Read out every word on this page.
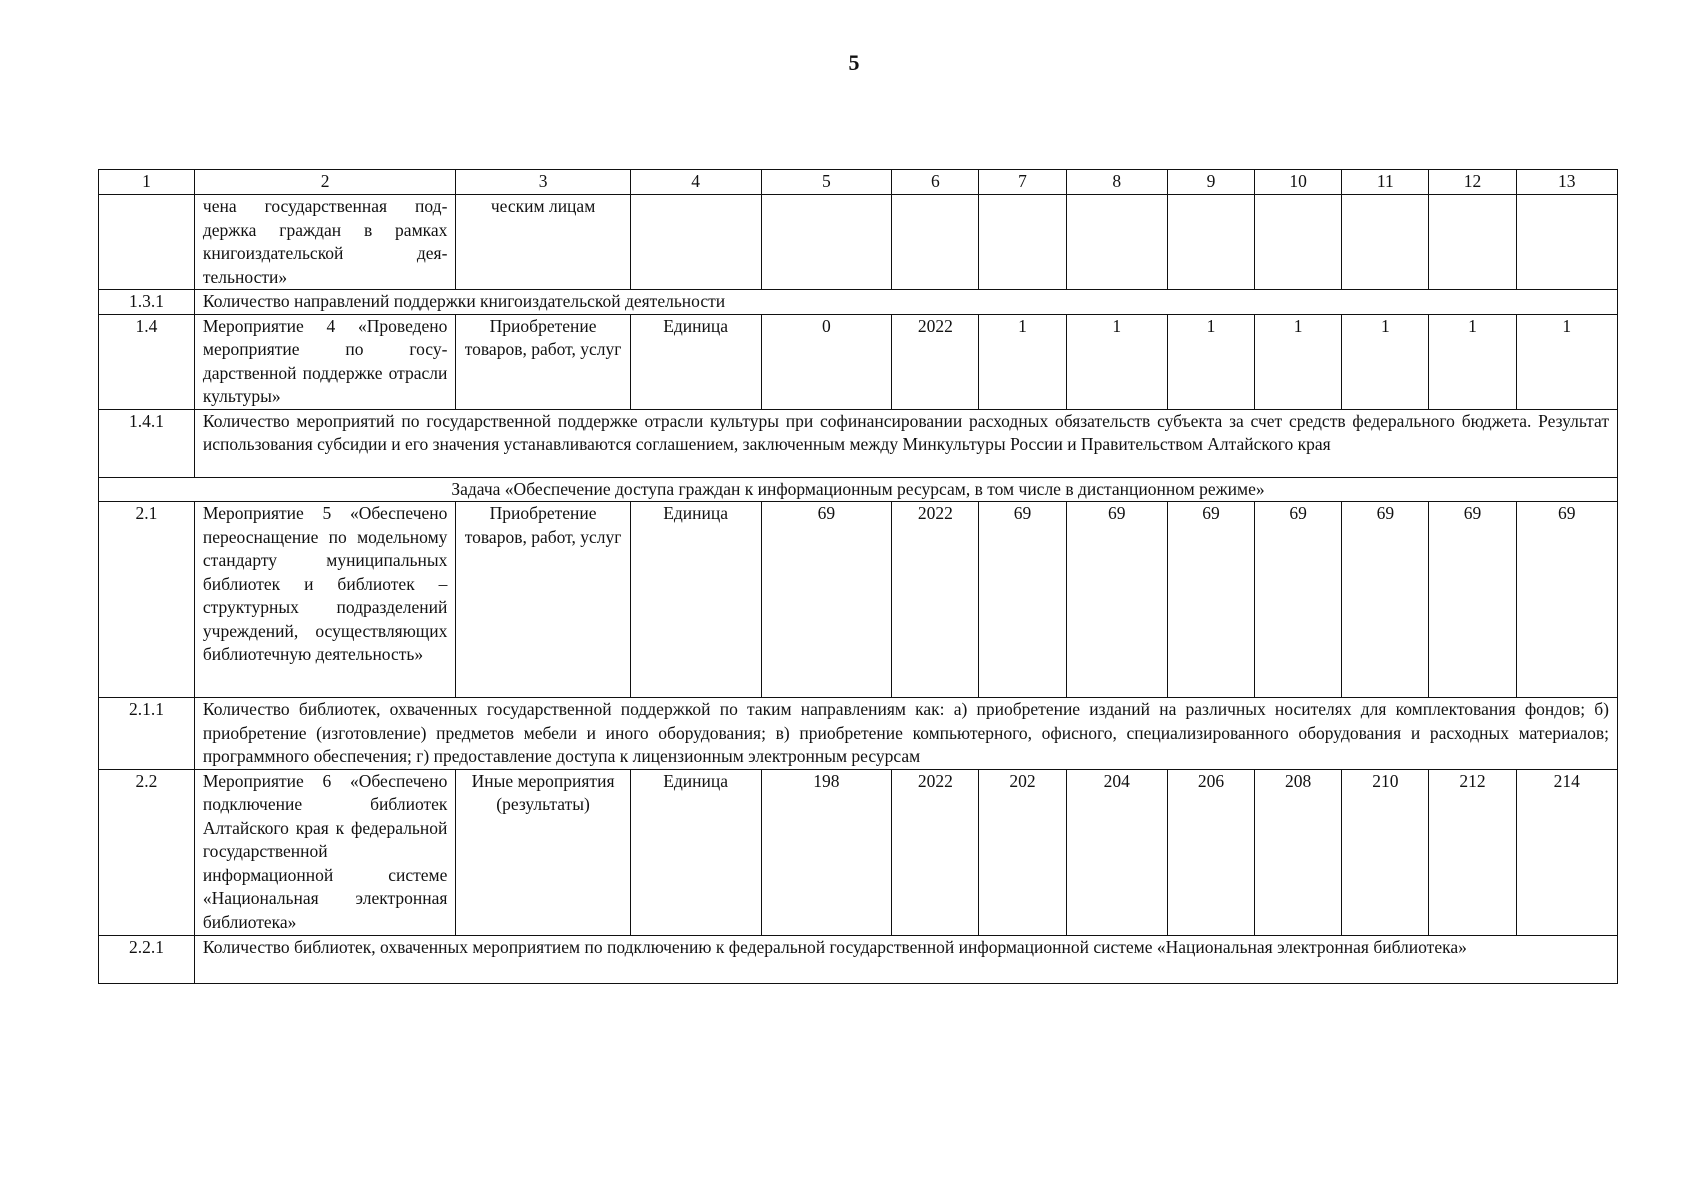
5
1	2	3	4	5	6	7	8	9	10	11	12	13
	чена государственная поддержка граждан в рамках книгоиздательской деятельности»	ческим лицам										
1.3.1	Количество направлений поддержки книгоиздательской деятельности											
1.4	Мероприятие 4 «Проведено мероприятие по государственной поддержке отрасли культуры»	Приобретение товаров, работ, услуг	Единица	0	2022	1	1	1	1	1	1	1
1.4.1	Количество мероприятий по государственной поддержке отрасли культуры при софинансировании расходных обязательств субъекта за счет средств федерального бюджета. Результат использования субсидии и его значения устанавливаются соглашением, заключенным между Минкультуры России и Правительством Алтайского края											
Задача «Обеспечение доступа граждан к информационным ресурсам, в том числе в дистанционном режиме»												
2.1	Мероприятие 5 «Обеспечено переоснащение по модельному стандарту муниципальных библиотек и библиотек – структурных подразделений учреждений, осуществляющих библиотечную деятельность»	Приобретение товаров, работ, услуг	Единица	69	2022	69	69	69	69	69	69	69
2.1.1	Количество библиотек, охваченных государственной поддержкой по таким направлениям как: а) приобретение изданий на различных носителях для комплектования фондов; б) приобретение (изготовление) предметов мебели и иного оборудования; в) приобретение компьютерного, офисного, специализированного оборудования и расходных материалов; программного обеспечения; г) предоставление доступа к лицензионным электронным ресурсам											
2.2	Мероприятие 6 «Обеспечено подключение библиотек Алтайского края к федеральной государственной информационной системе «Национальная электронная библиотека»	Иные мероприятия (результаты)	Единица	198	2022	202	204	206	208	210	212	214
2.2.1	Количество библиотек, охваченных мероприятием по подключению к федеральной государственной информационной системе «Национальная электронная библиотека»											
